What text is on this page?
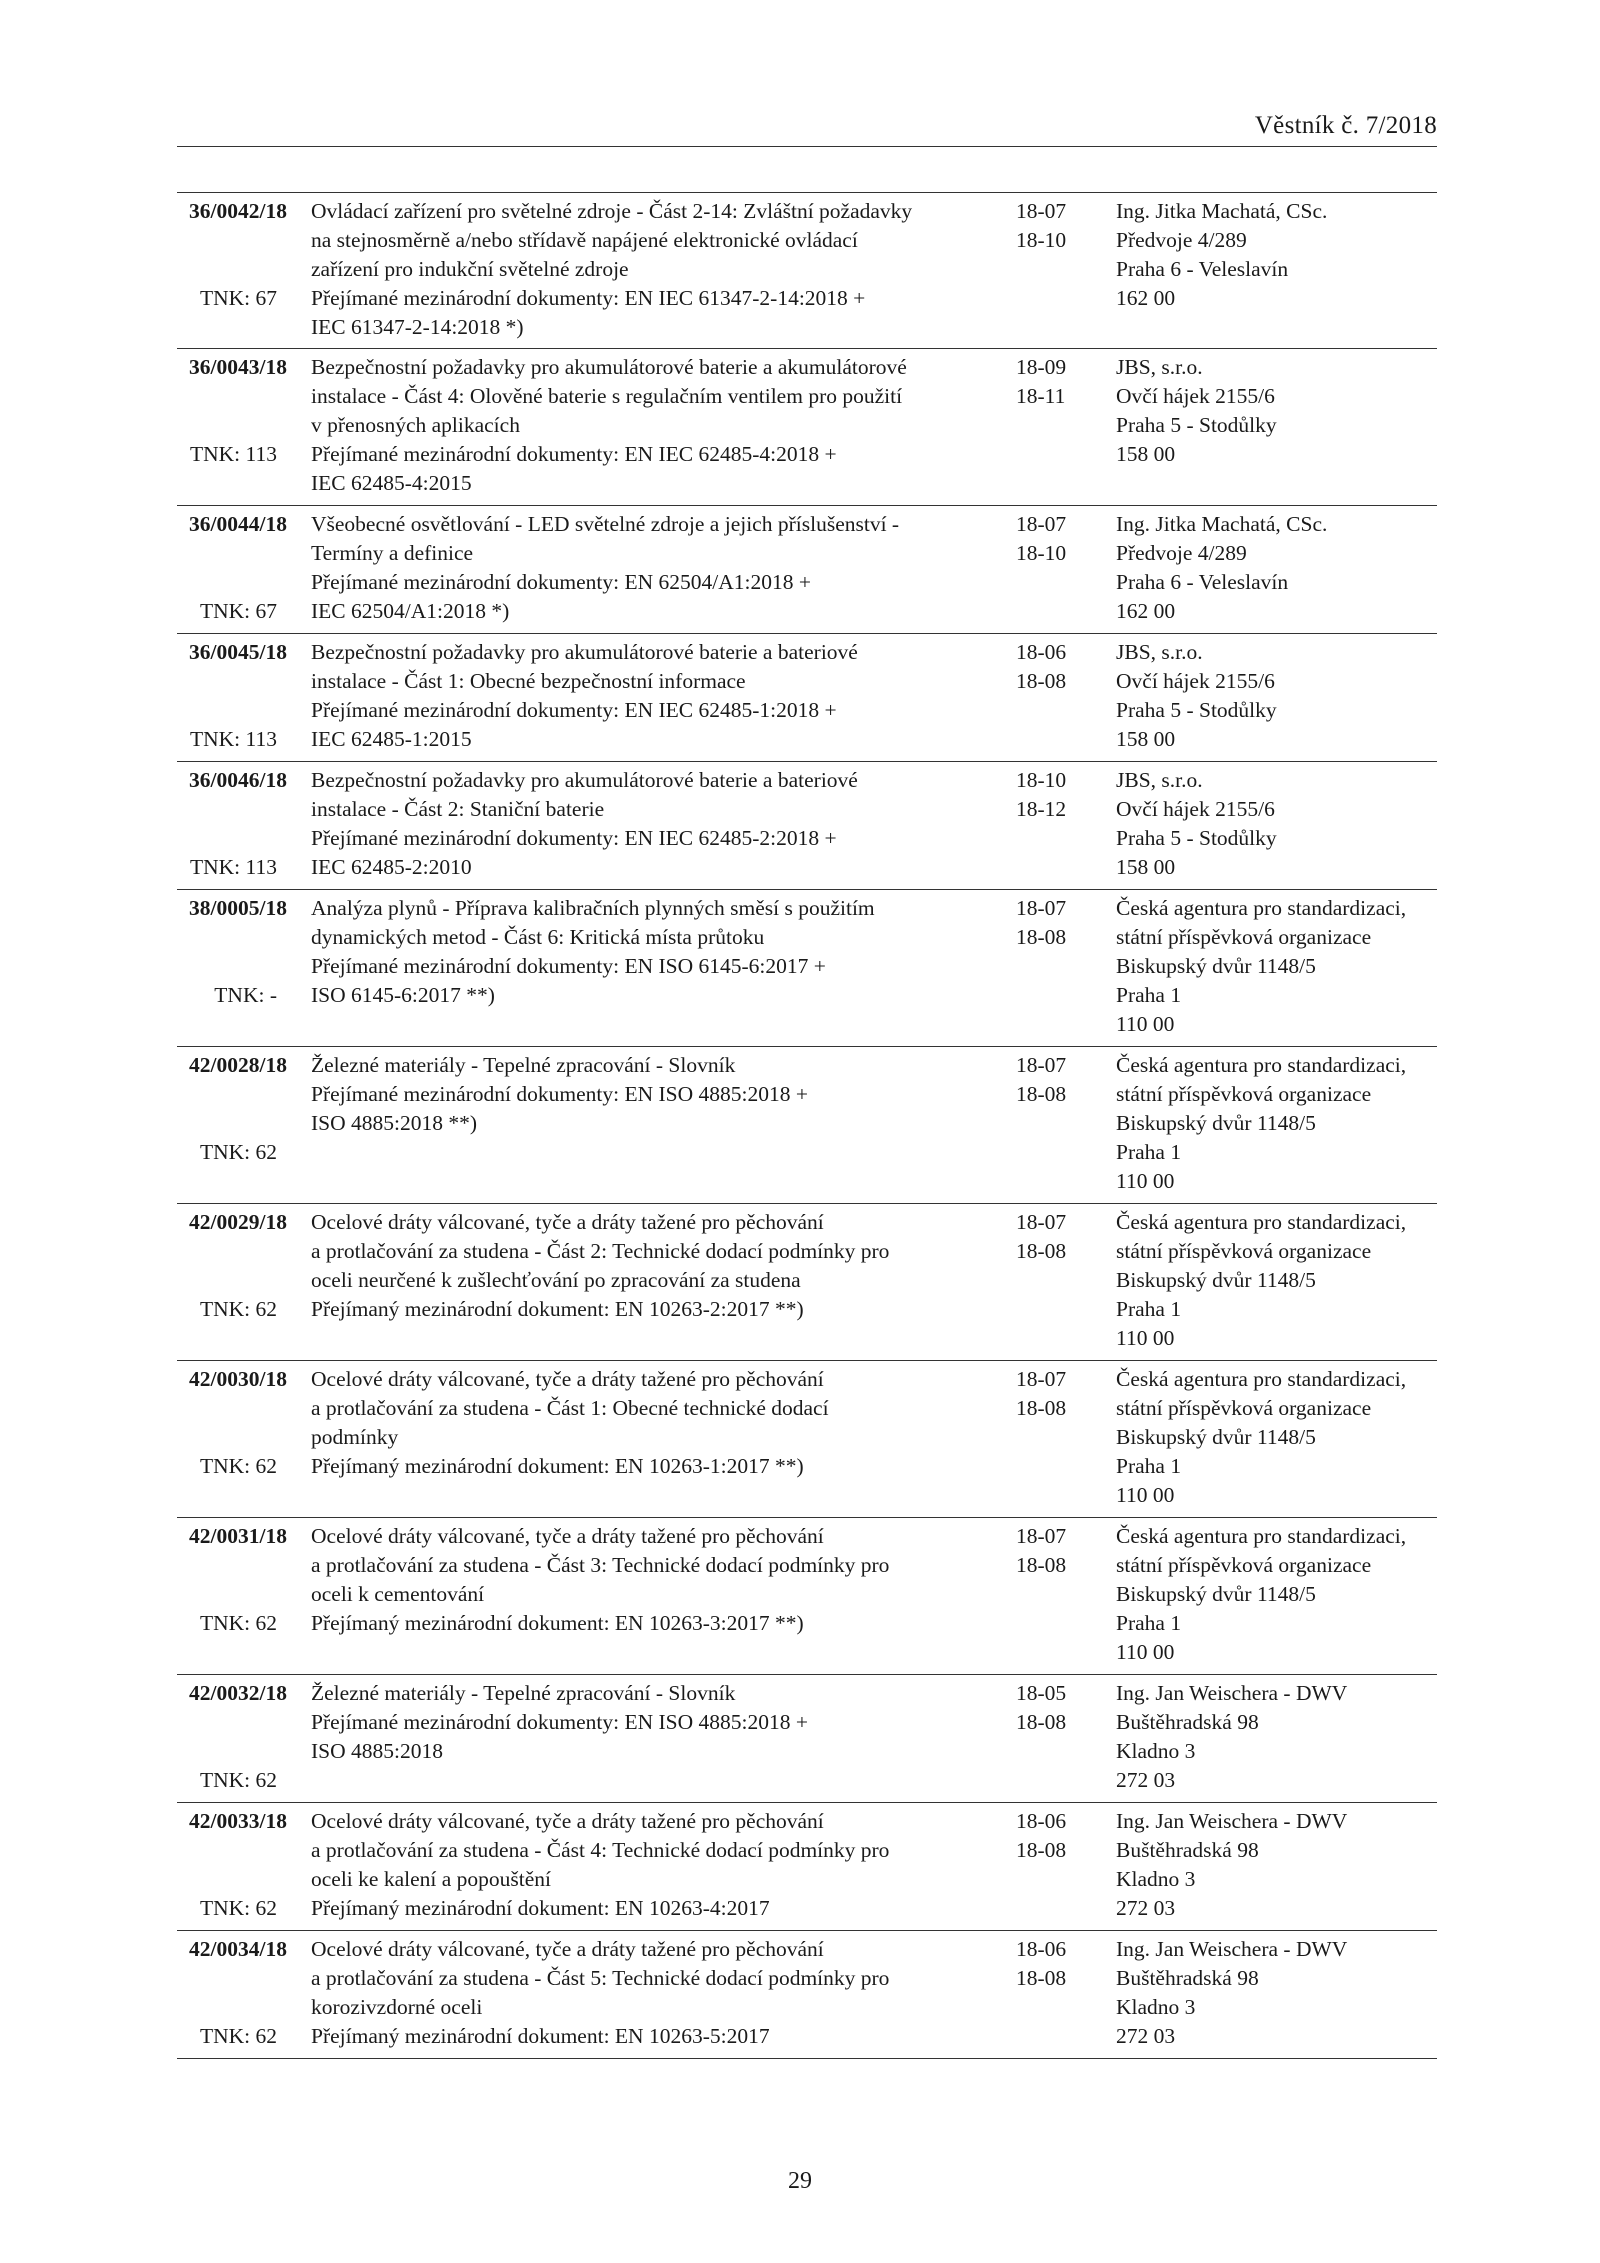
Věstník č. 7/2018
36/0042/18
TNK: 67
Ovládací zařízení pro světelné zdroje - Část 2-14: Zvláštní požadavky
na stejnosměrně a/nebo střídavě napájené elektronické ovládací
zařízení pro indukční světelné zdroje
Přejímané mezinárodní dokumenty: EN IEC 61347-2-14:2018 +
IEC 61347-2-14:2018 *)
18-07
18-10
Ing. Jitka Machatá, CSc.
Předvoje 4/289
Praha 6 - Veleslavín
162 00
36/0043/18
TNK: 113
Bezpečnostní požadavky pro akumulátorové baterie a akumulátorové
instalace - Část 4: Olověné baterie s regulačním ventilem pro použití
v přenosných aplikacích
Přejímané mezinárodní dokumenty: EN IEC 62485-4:2018 +
IEC 62485-4:2015
18-09
18-11
JBS, s.r.o.
Ovčí hájek 2155/6
Praha 5 - Stodůlky
158 00
36/0044/18
TNK: 67
Všeobecné osvětlování - LED světelné zdroje a jejich příslušenství -
Termíny a definice
Přejímané mezinárodní dokumenty: EN 62504/A1:2018 +
IEC 62504/A1:2018 *)
18-07
18-10
Ing. Jitka Machatá, CSc.
Předvoje 4/289
Praha 6 - Veleslavín
162 00
36/0045/18
TNK: 113
Bezpečnostní požadavky pro akumulátorové baterie a bateriové
instalace - Část 1: Obecné bezpečnostní informace
Přejímané mezinárodní dokumenty: EN IEC 62485-1:2018 +
IEC 62485-1:2015
18-06
18-08
JBS, s.r.o.
Ovčí hájek 2155/6
Praha 5 - Stodůlky
158 00
36/0046/18
TNK: 113
Bezpečnostní požadavky pro akumulátorové baterie a bateriové
instalace - Část 2: Staniční baterie
Přejímané mezinárodní dokumenty: EN IEC 62485-2:2018 +
IEC 62485-2:2010
18-10
18-12
JBS, s.r.o.
Ovčí hájek 2155/6
Praha 5 - Stodůlky
158 00
38/0005/18
TNK: -
Analýza plynů - Příprava kalibračních plynných směsí s použitím
dynamických metod - Část 6: Kritická místa průtoku
Přejímané mezinárodní dokumenty: EN ISO 6145-6:2017 +
ISO 6145-6:2017 **)
18-07
18-08
Česká agentura pro standardizaci,
státní příspěvková organizace
Biskupský dvůr 1148/5
Praha 1
110 00
42/0028/18
TNK: 62
Železné materiály - Tepelné zpracování - Slovník
Přejímané mezinárodní dokumenty: EN ISO 4885:2018 +
ISO 4885:2018 **)
18-07
18-08
Česká agentura pro standardizaci,
státní příspěvková organizace
Biskupský dvůr 1148/5
Praha 1
110 00
42/0029/18
TNK: 62
Ocelové dráty válcované, tyče a dráty tažené pro pěchování
a protlačování za studena - Část 2: Technické dodací podmínky pro
oceli neurčené k zušlechťování po zpracování za studena
Přejímaný mezinárodní dokument: EN 10263-2:2017 **)
18-07
18-08
Česká agentura pro standardizaci,
státní příspěvková organizace
Biskupský dvůr 1148/5
Praha 1
110 00
42/0030/18
TNK: 62
Ocelové dráty válcované, tyče a dráty tažené pro pěchování
a protlačování za studena - Část 1: Obecné technické dodací
podmínky
Přejímaný mezinárodní dokument: EN 10263-1:2017 **)
18-07
18-08
Česká agentura pro standardizaci,
státní příspěvková organizace
Biskupský dvůr 1148/5
Praha 1
110 00
42/0031/18
TNK: 62
Ocelové dráty válcované, tyče a dráty tažené pro pěchování
a protlačování za studena - Část 3: Technické dodací podmínky pro
oceli k cementování
Přejímaný mezinárodní dokument: EN 10263-3:2017 **)
18-07
18-08
Česká agentura pro standardizaci,
státní příspěvková organizace
Biskupský dvůr 1148/5
Praha 1
110 00
42/0032/18
TNK: 62
Železné materiály - Tepelné zpracování - Slovník
Přejímané mezinárodní dokumenty: EN ISO 4885:2018 +
ISO 4885:2018
18-05
18-08
Ing. Jan Weischera - DWV
Buštěhradská 98
Kladno 3
272 03
42/0033/18
TNK: 62
Ocelové dráty válcované, tyče a dráty tažené pro pěchování
a protlačování za studena - Část 4: Technické dodací podmínky pro
oceli ke kalení a popouštění
Přejímaný mezinárodní dokument: EN 10263-4:2017
18-06
18-08
Ing. Jan Weischera - DWV
Buštěhradská 98
Kladno 3
272 03
42/0034/18
TNK: 62
Ocelové dráty válcované, tyče a dráty tažené pro pěchování
a protlačování za studena - Část 5: Technické dodací podmínky pro
korozivzdorné oceli
Přejímaný mezinárodní dokument: EN 10263-5:2017
18-06
18-08
Ing. Jan Weischera - DWV
Buštěhradská 98
Kladno 3
272 03
29
